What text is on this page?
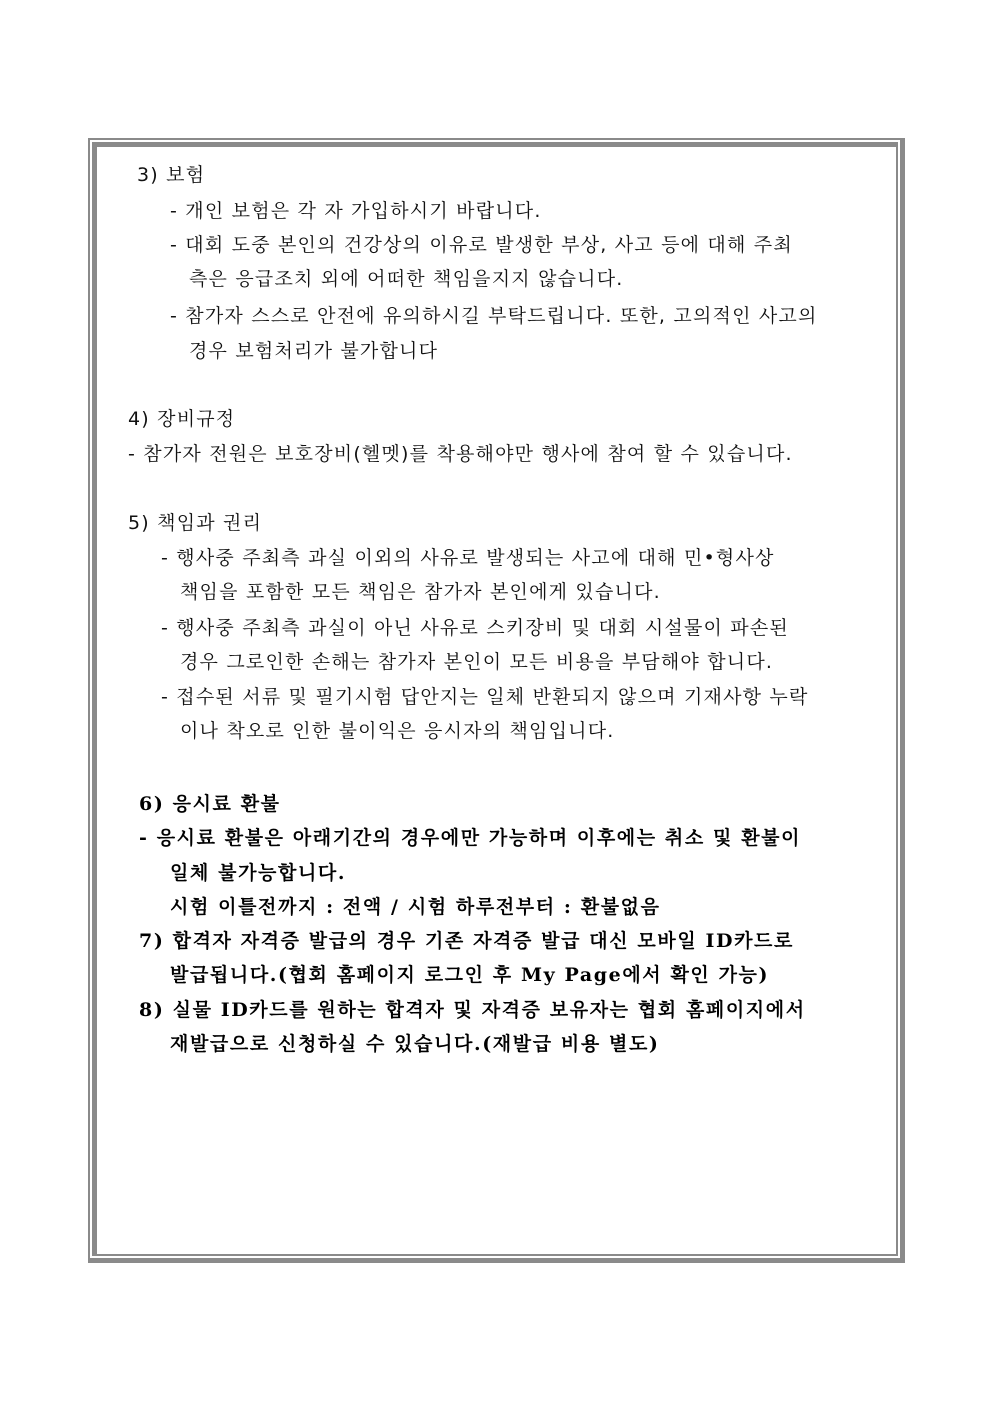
3) 보험
- 개인 보험은 각 자 가입하시기 바랍니다.
- 대회 도중 본인의 건강상의 이유로 발생한 부상, 사고 등에 대해 주최
측은 응급조치 외에 어떠한 책임을지지 않습니다.
- 참가자 스스로 안전에 유의하시길 부탁드립니다. 또한, 고의적인 사고의
경우 보험처리가 불가합니다
4) 장비규정
- 참가자 전원은 보호장비(헬멧)를 착용해야만 행사에 참여 할 수 있습니다.
5) 책임과 권리
- 행사중 주최측 과실 이외의 사유로 발생되는 사고에 대해 민•형사상
책임을 포함한 모든 책임은 참가자 본인에게 있습니다.
- 행사중 주최측 과실이 아닌 사유로 스키장비 및 대회 시설물이 파손된
경우 그로인한 손해는 참가자 본인이 모든 비용을 부담해야 합니다.
- 접수된 서류 및 필기시험 답안지는 일체 반환되지 않으며 기재사항 누락
이나 착오로 인한 불이익은 응시자의 책임입니다.
6) 응시료 환불
- 응시료 환불은 아래기간의 경우에만 가능하며 이후에는 취소 및 환불이
일체 불가능합니다.
시험 이틀전까지 : 전액 / 시험 하루전부터 : 환불없음
7) 합격자 자격증 발급의 경우 기존 자격증 발급 대신 모바일 ID카드로
발급됩니다.(협회 홈페이지 로그인 후 My Page에서 확인 가능)
8) 실물 ID카드를 원하는 합격자 및 자격증 보유자는 협회 홈페이지에서
재발급으로 신청하실 수 있습니다.(재발급 비용 별도)
